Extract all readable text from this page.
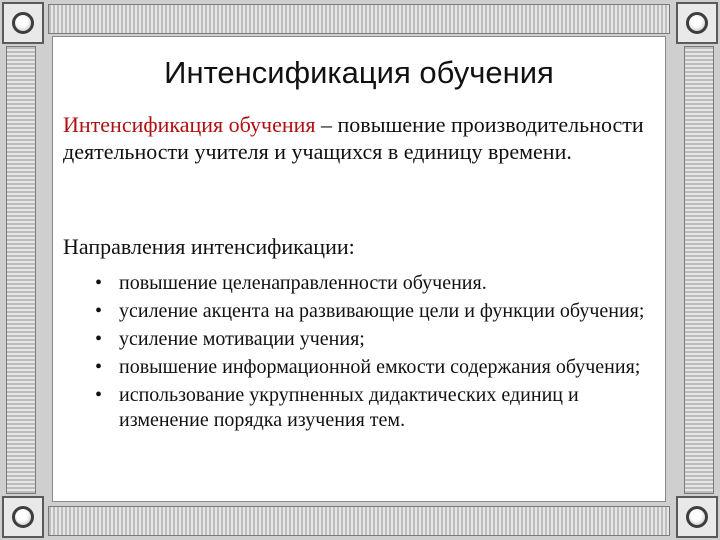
Интенсификация обучения
Интенсификация обучения – повышение производительности деятельности учителя и учащихся в единицу времени.
Направления интенсификации:
• повышение целенаправленности обучения.
• усиление акцента на развивающие цели и функции обучения;
• усиление мотивации учения;
• повышение информационной емкости содержания обучения;
• использование укрупненных дидактических единиц и изменение порядка изучения тем.
